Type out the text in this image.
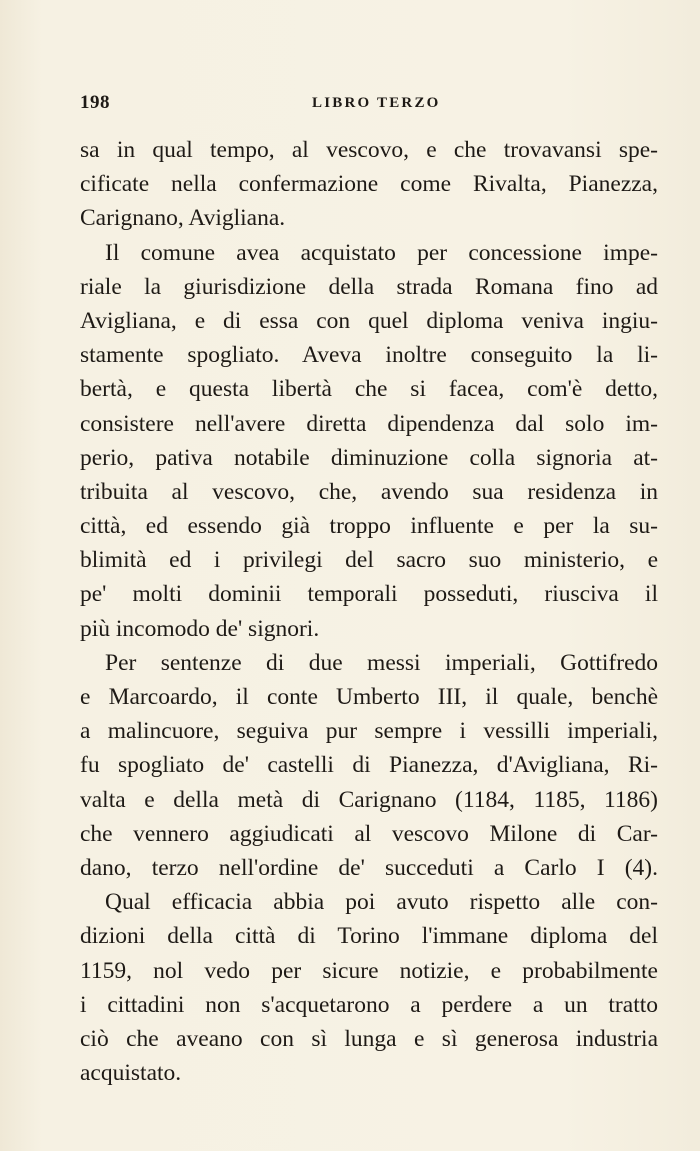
198	LIBRO TERZO
sa in qual tempo, al vescovo, e che trovavansi spe-
cificate nella confermazione come Rivalta, Pianezza,
Carignano, Avigliana.
Il comune avea acquistato per concessione impe-
riale la giurisdizione della strada Romana fino ad
Avigliana, e di essa con quel diploma veniva ingiu-
stamente spogliato. Aveva inoltre conseguito la li-
bertà, e questa libertà che si facea, com'è detto,
consistere nell'avere diretta dipendenza dal solo im-
perio, pativa notabile diminuzione colla signoria at-
tribuita al vescovo, che, avendo sua residenza in
città, ed essendo già troppo influente e per la su-
blimità ed i privilegi del sacro suo ministerio, e
pe' molti dominii temporali posseduti, riusciva il
più incomodo de' signori.
Per sentenze di due messi imperiali, Gottifredo
e Marcoardo, il conte Umberto III, il quale, benchè
a malincuore, seguiva pur sempre i vessilli imperiali,
fu spogliato de' castelli di Pianezza, d'Avigliana, Ri-
valta e della metà di Carignano (1184, 1185, 1186)
che vennero aggiudicati al vescovo Milone di Car-
dano, terzo nell'ordine de' succeduti a Carlo I (4).
Qual efficacia abbia poi avuto rispetto alle con-
dizioni della città di Torino l'immane diploma del
1159, nol vedo per sicure notizie, e probabilmente
i cittadini non s'acquetarono a perdere a un tratto
ciò che aveano con sì lunga e sì generosa industria
acquistato.
